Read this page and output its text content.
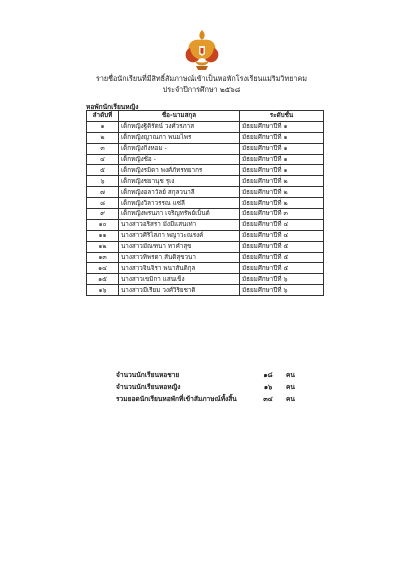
รายชื่อนักเรียนที่มีสิทธิ์สัมภาษณ์เข้าเป็นหอพักโรงเรียนแม่ริมวิทยาคม
ประจำปีการศึกษา ๒๕๖๘
หอพักนักเรียนหญิง
ลำดับที่	ชื่อ-นามสกุล	ระดับชั้น
๑	เด็กหญิงฐิติรัตน์ วงศ์วรภาส	มัธยมศึกษาปีที่ ๑
๒	เด็กหญิงญาณภา พนมไพร	มัธยมศึกษาปีที่ ๑
๓	เด็กหญิงกิ่งหอม -	มัธยมศึกษาปีที่ ๑
๔	เด็กหญิงช้อ -	มัธยมศึกษาปีที่ ๑
๕	เด็กหญิงรมิดา พงศ์ภัทรทยากร	มัธยมศึกษาปีที่ ๑
๖	เด็กหญิงชยานุช รุเง	มัธยมศึกษาปีที่ ๒
๗	เด็กหญิงอลาวัลย์ สกุลวนาลี	มัธยมศึกษาปีที่ ๒
๘	เด็กหญิงวิลาวรรณ แซ่ลี	มัธยมศึกษาปีที่ ๒
๙	เด็กหญิงพรนภา เจริญทรัพย์เบ็นต์	มัธยมศึกษาปีที่ ๓
๑๐	นางสาวอริสรา มังมีแสนเท่า	มัธยมศึกษาปีที่ ๔
๑๑	นางสาวศิริไสภา พญาวะณรงค์	มัธยมศึกษาปีที่ ๔
๑๒	นางสาวมัณฑนา ทาคำสุข	มัธยมศึกษาปีที่ ๕
๑๓	นางสาวทิพรดา สันติสุขวนา	มัธยมศึกษาปีที่ ๕
๑๔	นางสาวจินจิรา พนาสันติกุล	มัธยมศึกษาปีที่ ๕
๑๕	นางสาวเขมิกา แสนเข็ง	มัธยมศึกษาปีที่ ๖
๑๖	นางสาวมีเรียม วงศ์วิริยชาติ	มัธยมศึกษาปีที่ ๖
จำนวนนักเรียนหอชาย	๑๘	คน
จำนวนนักเรียนหอหญิง	๑๖	คน
รวมยอดนักเรียนหอพักที่เข้าสัมภาษณ์ทั้งสิ้น	๓๔	คน
